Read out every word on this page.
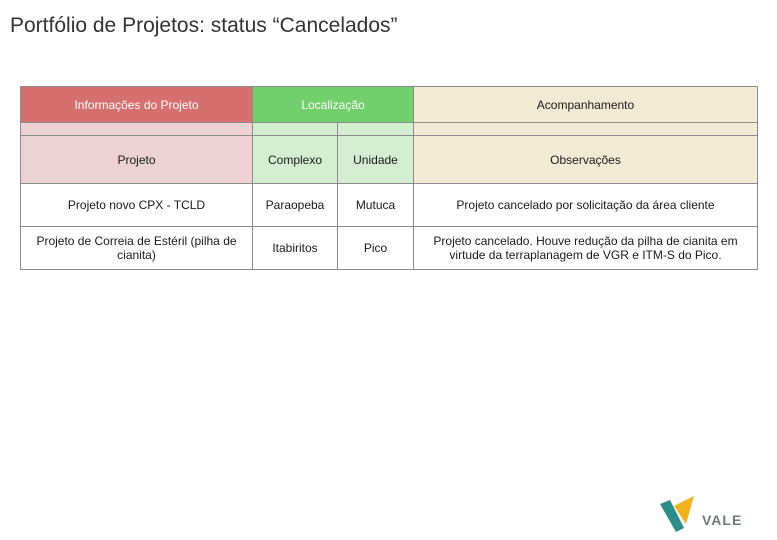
Portfólio de Projetos: status “Cancelados”
Informações do Projeto	Localização		Acompanhamento

Projeto	Complexo	Unidade	Observações
Projeto novo CPX - TCLD	Paraopeba	Mutuca	Projeto cancelado por solicitação da área cliente
Projeto de Correia de Estéril (pilha de cianita)	Itabiritos	Pico	Projeto cancelado. Houve redução da pilha de cianita em virtude da terraplanagem de VGR e ITM-S do Pico.
VALE
